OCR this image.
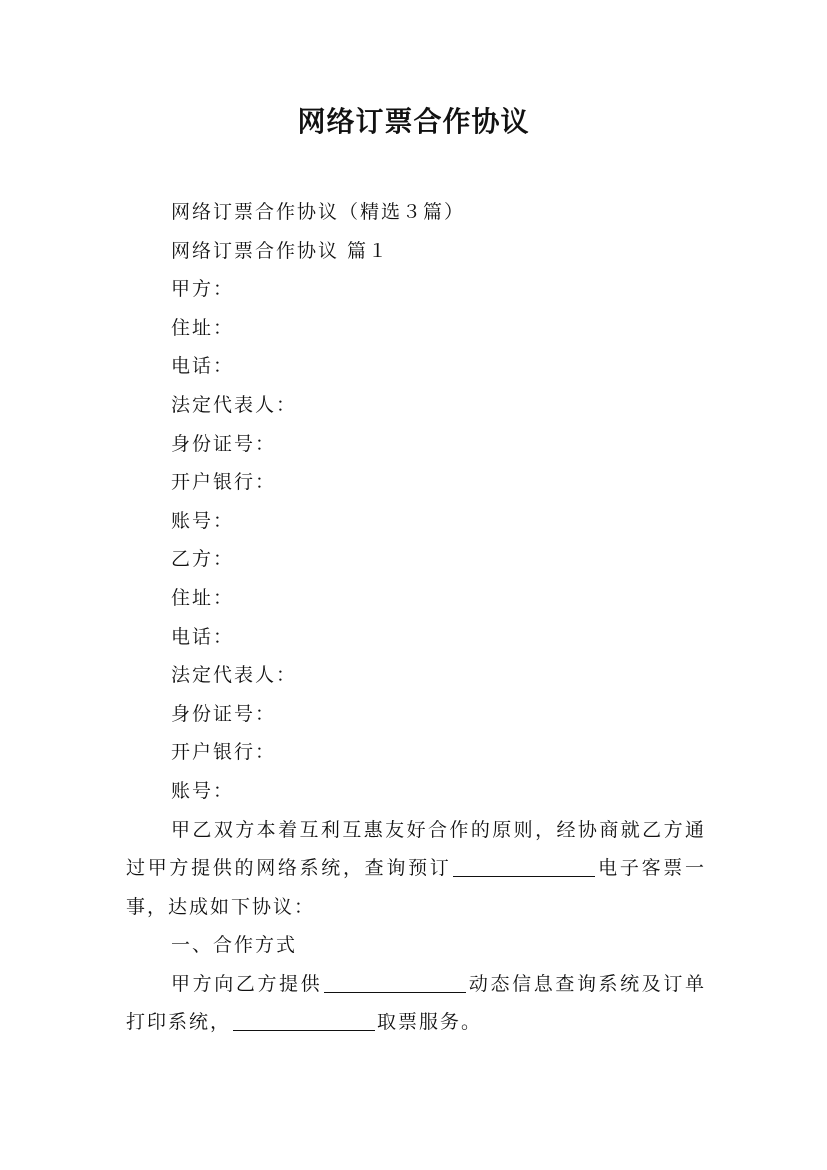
网络订票合作协议

网络订票合作协议（精选３篇）

网络订票合作协议 篇１

甲方：

住址：

电话：

法定代表人：

身份证号：

开户银行：

账号：

乙方：

住址：

电话：

法定代表人：

身份证号：

开户银行：

账号：

甲乙双方本着互利互惠友好合作的原则，经协商就乙方通过甲方提供的网络系统，查询预订	电子客票一事，达成如下协议：

一、合作方式

甲方向乙方提供	动态信息查询系统及订单打印系统，	取票服务。
